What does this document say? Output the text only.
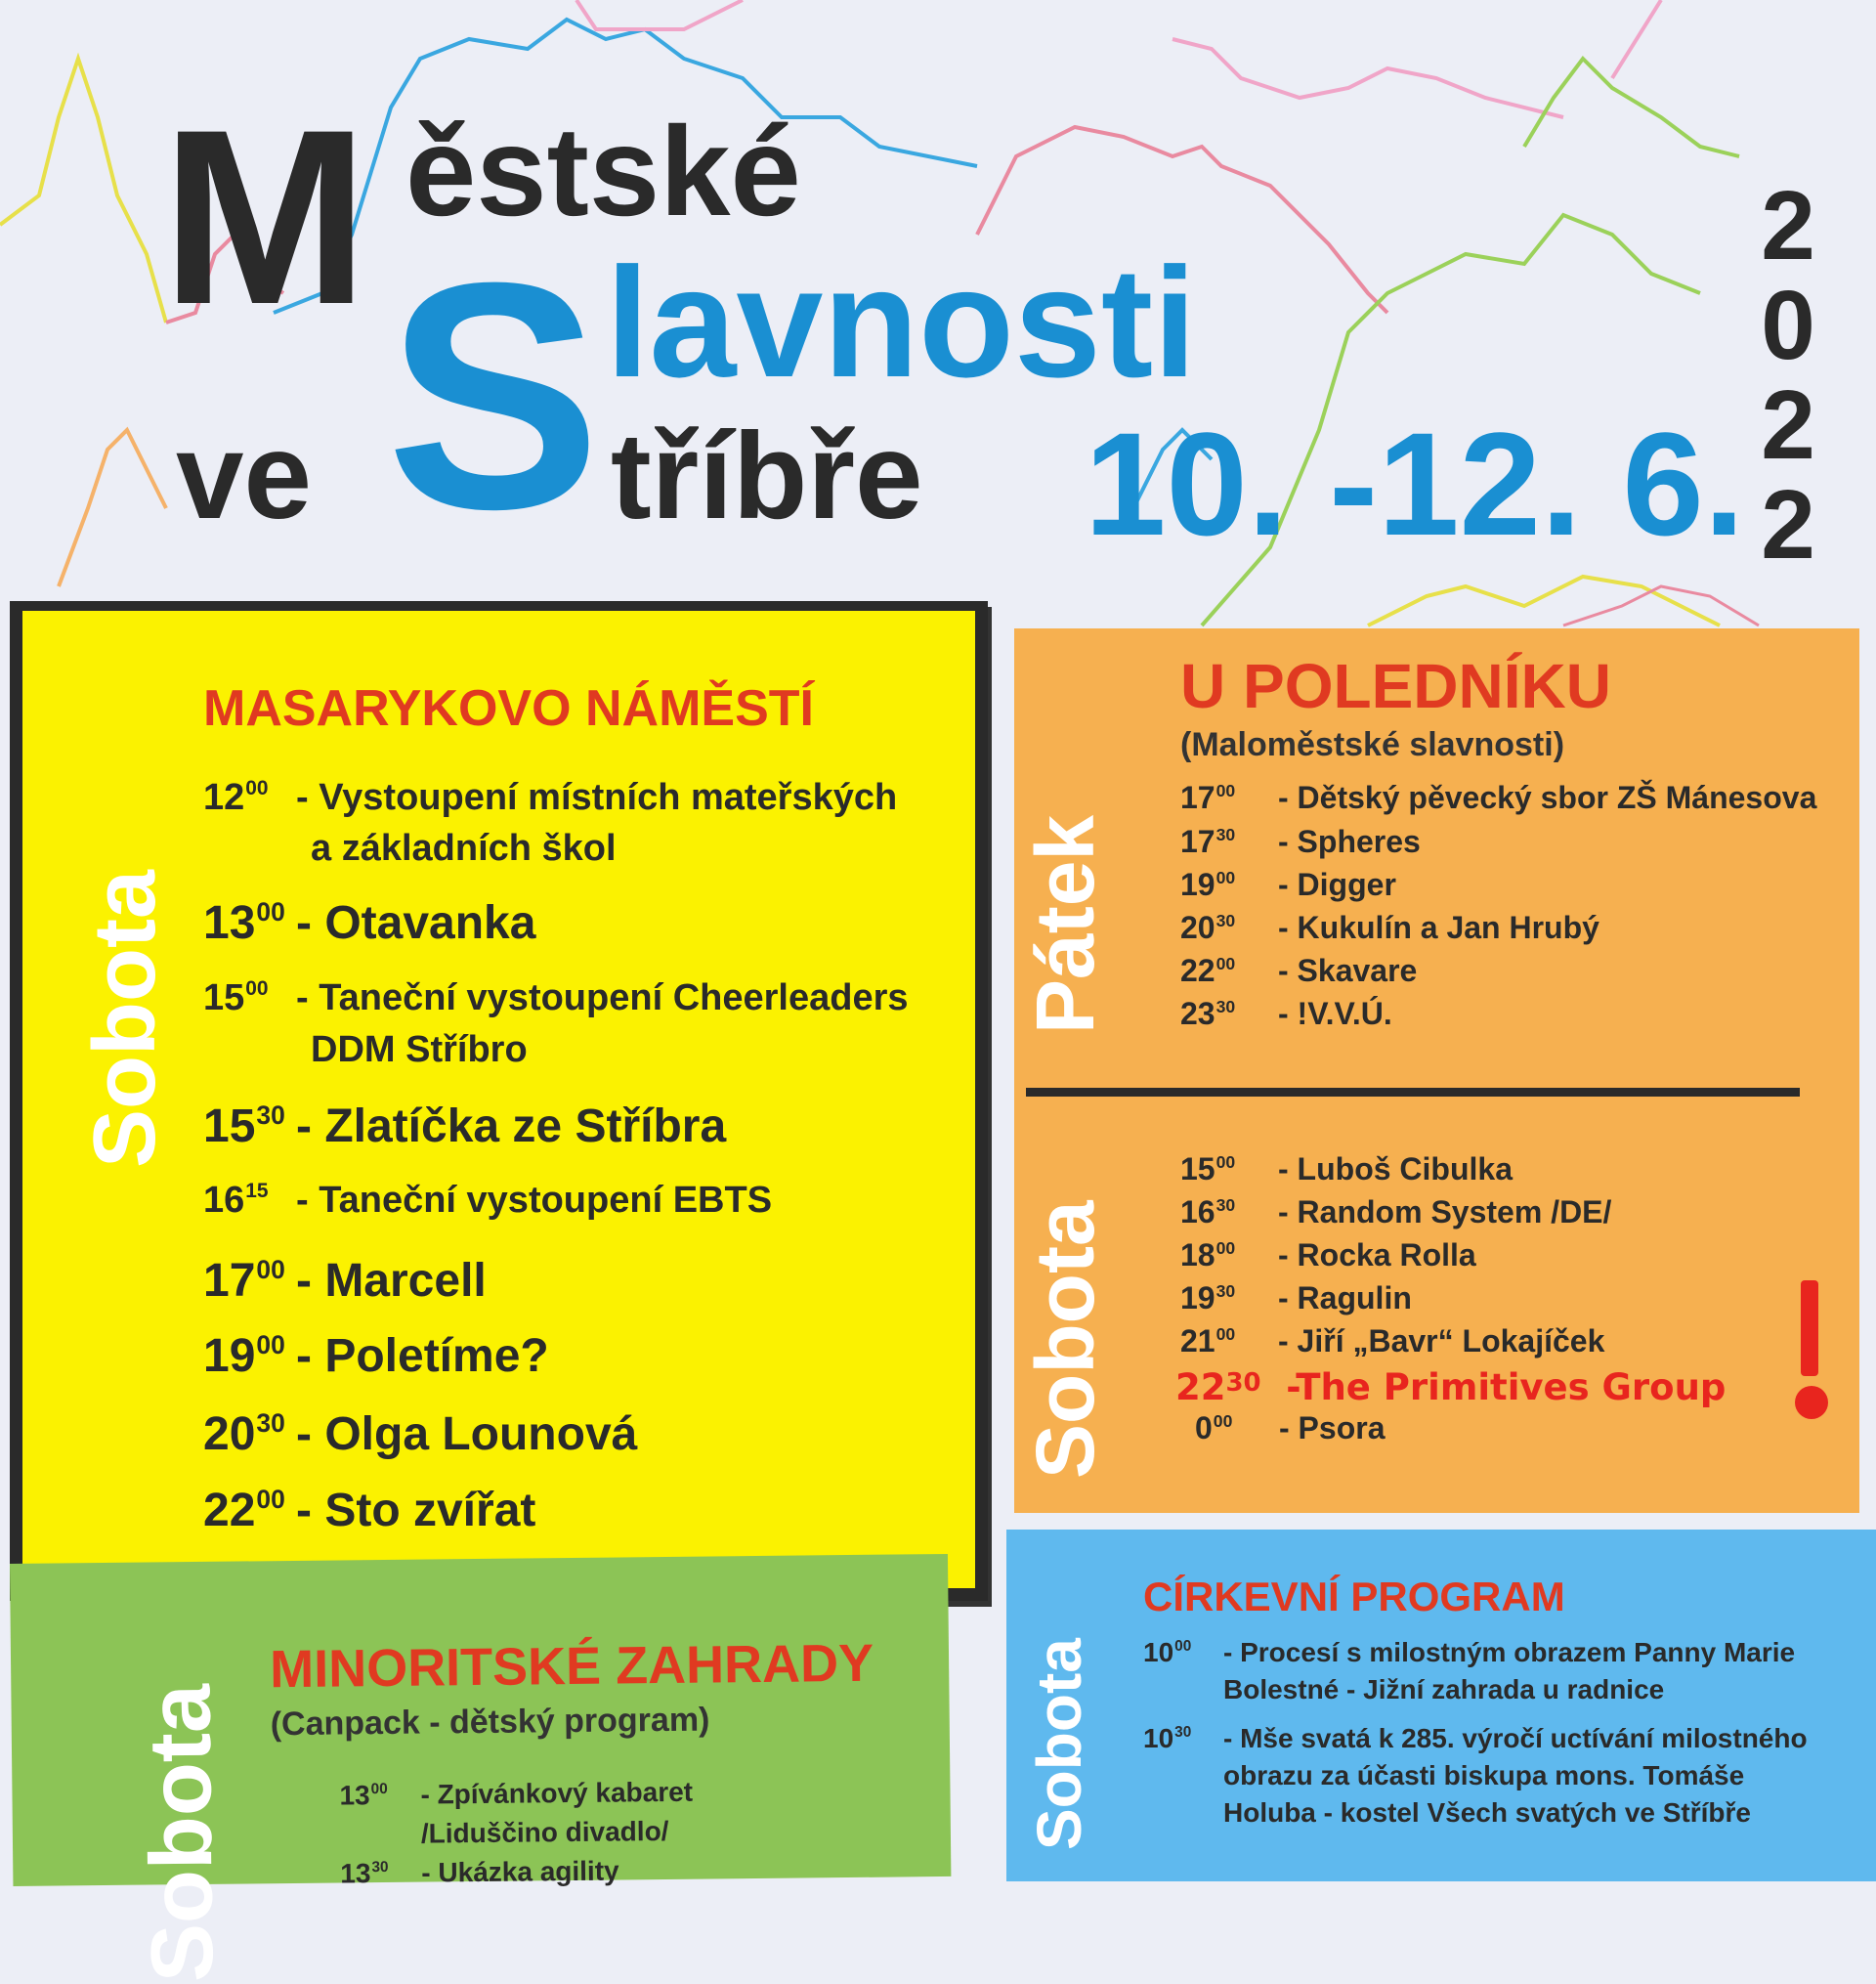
M ěstské
S lavnosti
ve tříbře 10. -12. 6.
2
0
2
2
MASARYKOVO NÁMĚSTÍ
Sobota
$12^{00}$ - Vystoupení místních mateřských
a základních škol
$13^{00}$ - Otavanka
$15^{00}$ - Taneční vystoupení Cheerleaders
DDM Stříbro
$15^{30}$ - Zlatíčka ze Stříbra
$16^{15}$ - Taneční vystoupení EBTS
$17^{00}$ - Marcell
$19^{00}$ - Poletíme?
$20^{30}$ - Olga Lounová
$22^{00}$ - Sto zvířat
U POLEDNÍKU
(Maloměstské slavnosti)
Pátek
$17^{00}$ - Dětský pěvecký sbor ZŠ Mánesova
$17^{30}$ - Spheres
$19^{00}$ - Digger
$20^{30}$ - Kukulín a Jan Hrubý
$22^{00}$ - Skavare
$23^{30}$ - !V.V.Ú.
Sobota
$15^{00}$ - Luboš Cibulka
$16^{30}$ - Random System /DE/
$18^{00}$ - Rocka Rolla
$19^{30}$ - Ragulin
$21^{00}$ - Jiří „Bavr“ Lokajíček
$22^{30}$ -The Primitives Group
$0^{00}$ - Psora
MINORITSKÉ ZAHRADY
(Canpack - dětský program)
Sobota	$13^{00}$ - Zpívánkový kabaret
/Liduščino divadlo/
$13^{30}$ - Ukázka agility
CÍRKEVNÍ PROGRAM
Sobota $10^{00}$ - Procesí s milostným obrazem Panny Marie
Bolestné - Jižní zahrada u radnice
$10^{30}$ - Mše svatá k 285. výročí uctívání milostného
obrazu za účasti biskupa mons. Tomáše
Holuba - kostel Všech svatých ve Stříbře
